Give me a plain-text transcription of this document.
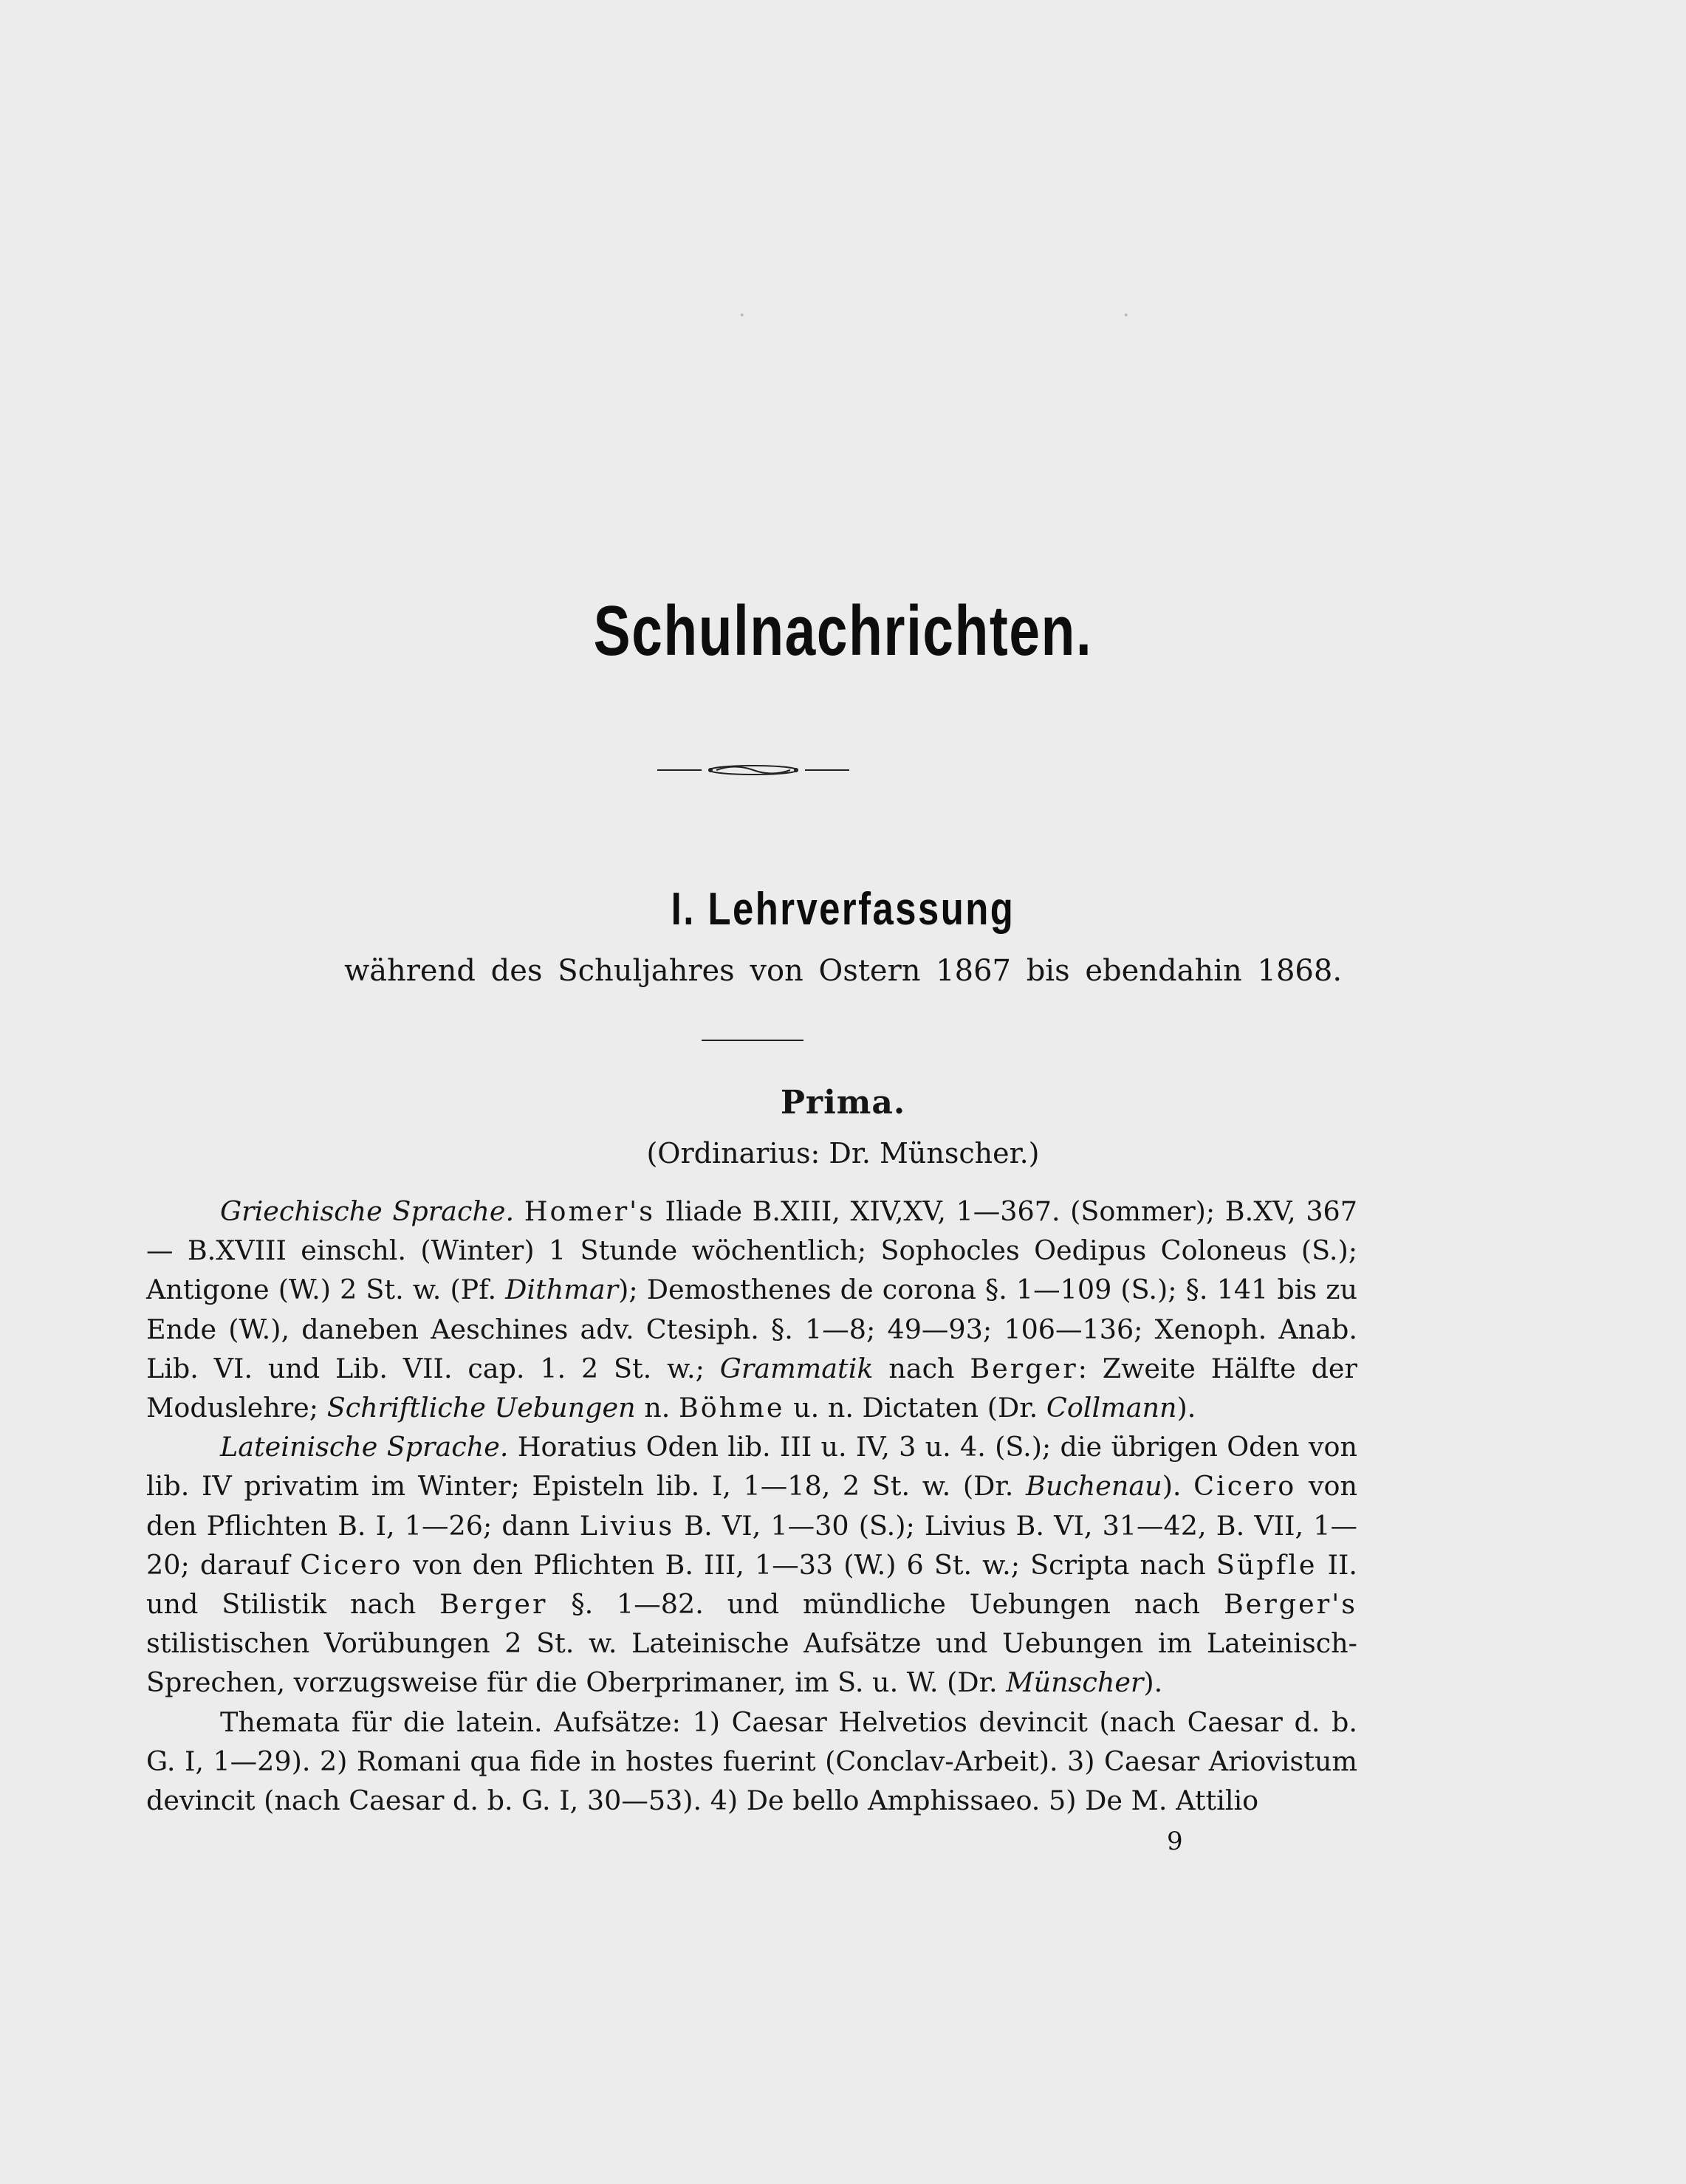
·	·
Schulnachrichten.
I. Lehrverfassung
während des Schuljahres von Ostern 1867 bis ebendahin 1868.
Prima.
(Ordinarius: Dr. Münscher.)

Griechische Sprache. Homer's Iliade B.XIII, XIV,XV, 1—367. (Sommer); B.XV, 367 — B.XVIII einschl. (Winter) 1 Stunde wöchentlich; Sophocles Oedipus Coloneus (S.); Antigone (W.) 2 St. w. (Pf. Dithmar); Demosthenes de corona §. 1—109 (S.); §. 141 bis zu Ende (W.), daneben Aeschines adv. Ctesiph. §. 1—8; 49—93; 106—136; Xenoph. Anab. Lib. VI. und Lib. VII. cap. 1. 2 St. w.; Grammatik nach Berger: Zweite Hälfte der Moduslehre; Schriftliche Uebungen n. Böhme u. n. Dictaten (Dr. Collmann).

Lateinische Sprache. Horatius Oden lib. III u. IV, 3 u. 4. (S.); die übrigen Oden von lib. IV privatim im Winter; Episteln lib. I, 1—18, 2 St. w. (Dr. Buchenau). Cicero von den Pflichten B. I, 1—26; dann Livius B. VI, 1—30 (S.); Livius B. VI, 31—42, B. VII, 1—20; darauf Cicero von den Pflichten B. III, 1—33 (W.) 6 St. w.; Scripta nach Süpfle II. und Stilistik nach Berger §. 1—82. und mündliche Uebungen nach Berger's stilistischen Vorübungen 2 St. w. Lateinische Aufsätze und Uebungen im Lateinisch-Sprechen, vorzugsweise für die Oberprimaner, im S. u. W. (Dr. Münscher).

Themata für die latein. Aufsätze: 1) Caesar Helvetios devincit (nach Caesar d. b. G. I, 1—29). 2) Romani qua fide in hostes fuerint (Conclav-Arbeit). 3) Caesar Ariovistum devincit (nach Caesar d. b. G. I, 30—53). 4) De bello Amphissaeo. 5) De M. Attilio

9
